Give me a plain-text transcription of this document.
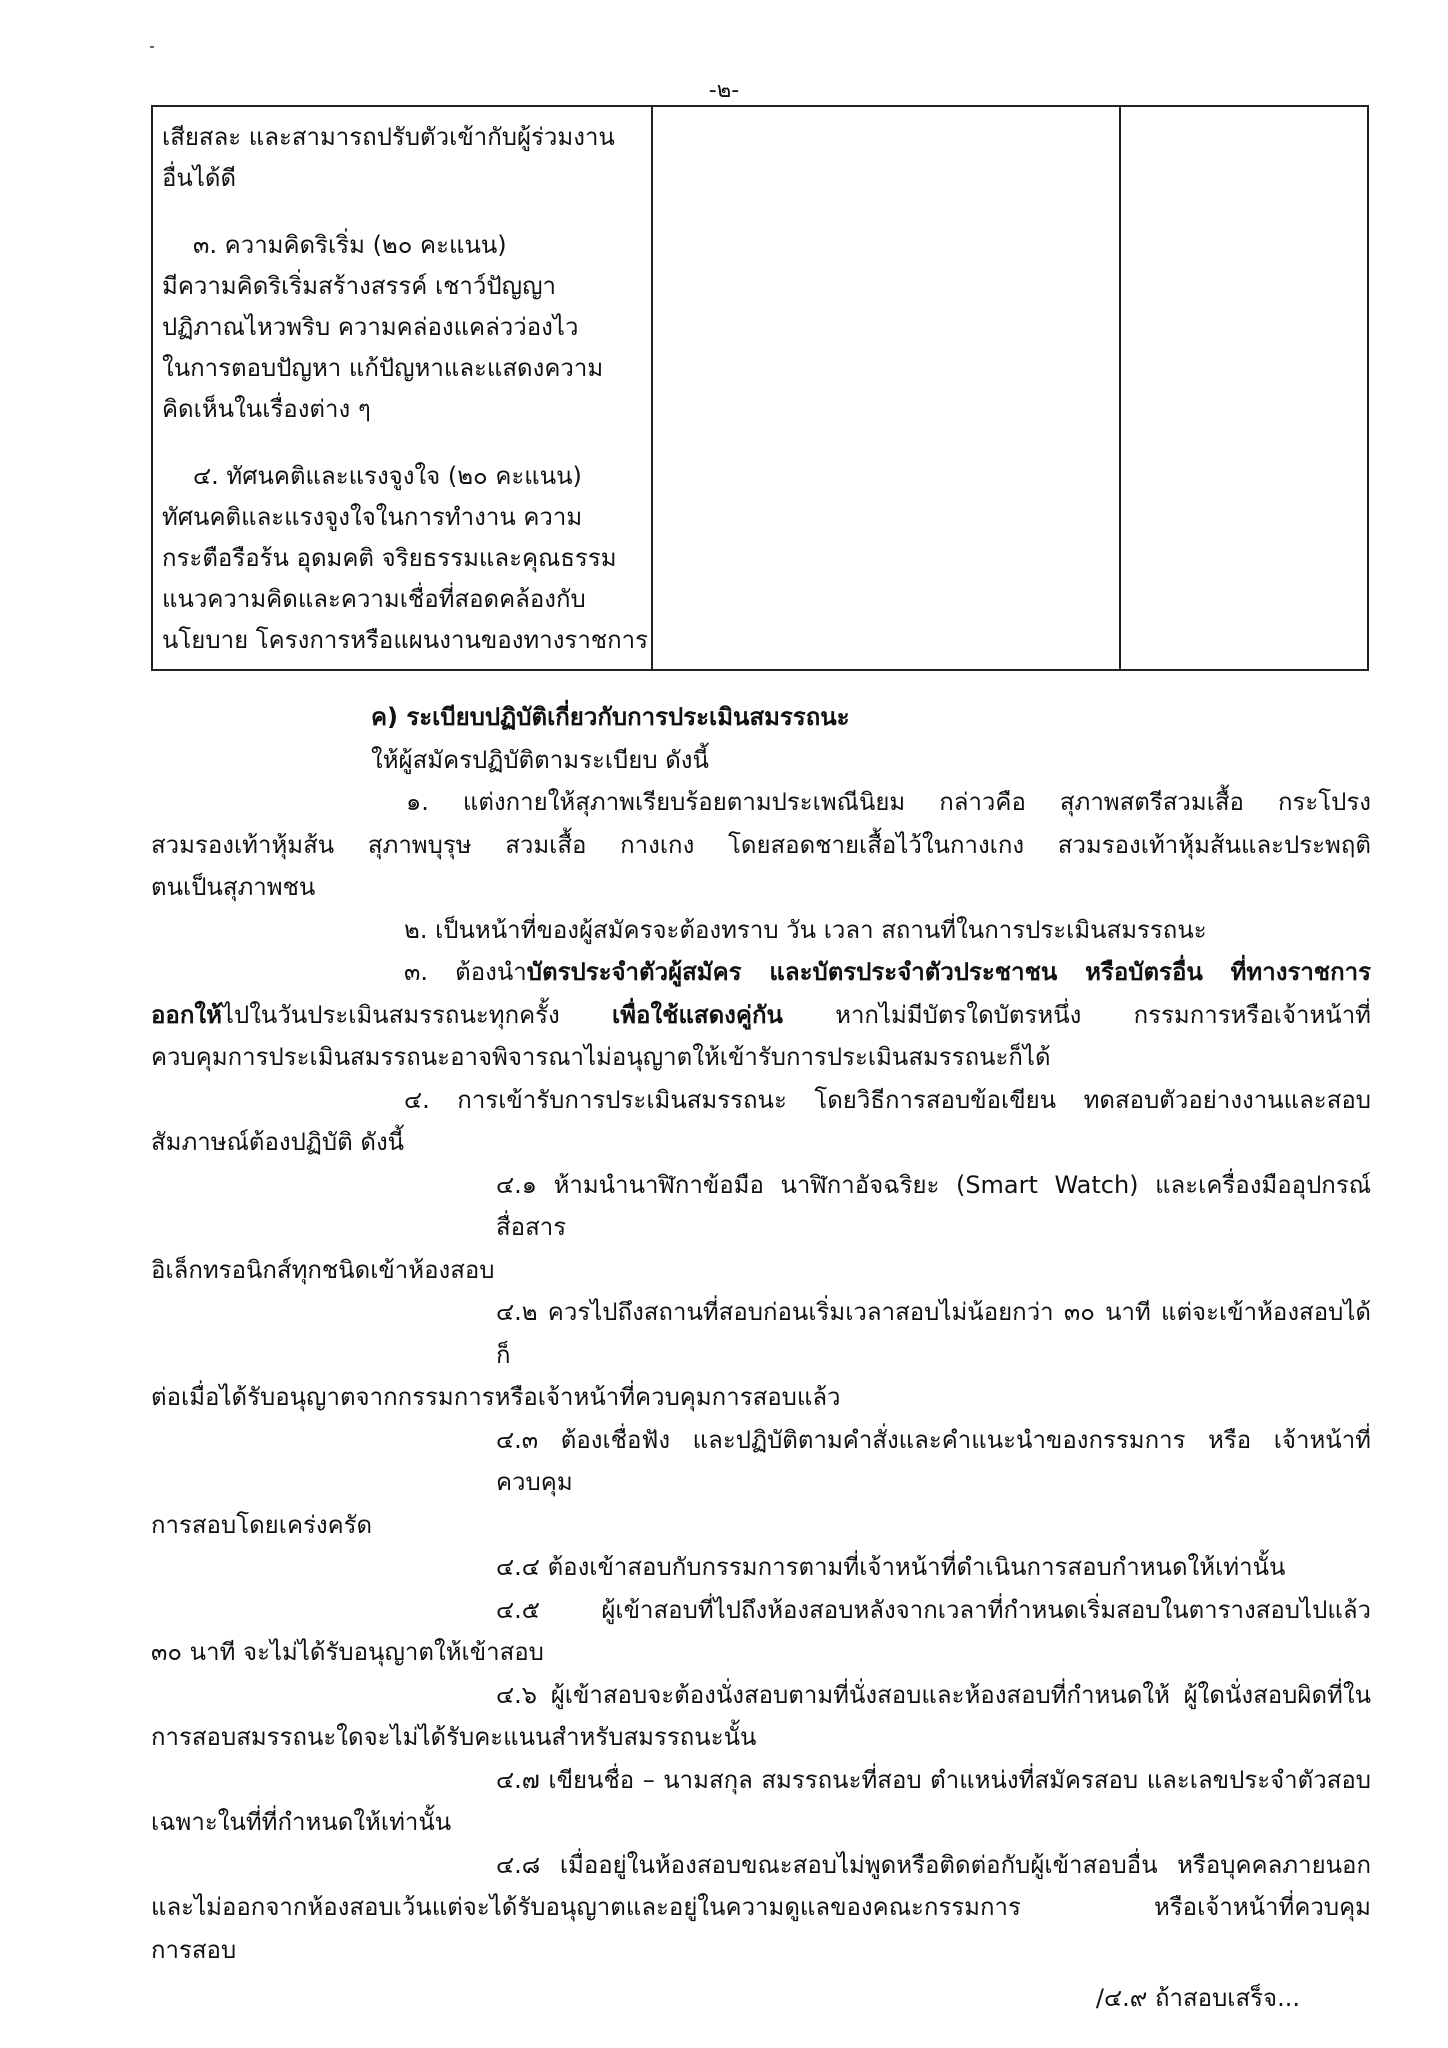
-๒-
เสียสละ และสามารถปรับตัวเข้ากับผู้ร่วมงาน
อื่นได้ดี
๓. ความคิดริเริ่ม (๒๐ คะแนน)
มีความคิดริเริ่มสร้างสรรค์ เชาว์ปัญญา
ปฏิภาณไหวพริบ ความคล่องแคล่วว่องไว
ในการตอบปัญหา แก้ปัญหาและแสดงความ
คิดเห็นในเรื่องต่าง ๆ
๔. ทัศนคติและแรงจูงใจ (๒๐ คะแนน)
ทัศนคติและแรงจูงใจในการทำงาน ความ
กระตือรือร้น อุดมคติ จริยธรรมและคุณธรรม
แนวความคิดและความเชื่อที่สอดคล้องกับ
นโยบาย โครงการหรือแผนงานของทางราชการ
ค) ระเบียบปฏิบัติเกี่ยวกับการประเมินสมรรถนะ
ให้ผู้สมัครปฏิบัติตามระเบียบ ดังนี้
๑. แต่งกายให้สุภาพเรียบร้อยตามประเพณีนิยม กล่าวคือ สุภาพสตรีสวมเสื้อ กระโปรง
สวมรองเท้าหุ้มส้น สุภาพบุรุษ สวมเสื้อ กางเกง โดยสอดชายเสื้อไว้ในกางเกง สวมรองเท้าหุ้มส้นและประพฤติ
ตนเป็นสุภาพชน
๒. เป็นหน้าที่ของผู้สมัครจะต้องทราบ วัน เวลา สถานที่ในการประเมินสมรรถนะ
๓. ต้องนำบัตรประจำตัวผู้สมัคร และบัตรประจำตัวประชาชน หรือบัตรอื่น ที่ทางราชการ
ออกให้ไปในวันประเมินสมรรถนะทุกครั้ง เพื่อใช้แสดงคู่กัน หากไม่มีบัตรใดบัตรหนึ่ง กรรมการหรือเจ้าหน้าที่
ควบคุมการประเมินสมรรถนะอาจพิจารณาไม่อนุญาตให้เข้ารับการประเมินสมรรถนะก็ได้
๔. การเข้ารับการประเมินสมรรถนะ โดยวิธีการสอบข้อเขียน ทดสอบตัวอย่างงานและสอบ
สัมภาษณ์ต้องปฏิบัติ ดังนี้
๔.๑ ห้ามนำนาฬิกาข้อมือ นาฬิกาอัจฉริยะ (Smart Watch) และเครื่องมืออุปกรณ์สื่อสาร
อิเล็กทรอนิกส์ทุกชนิดเข้าห้องสอบ
๔.๒ ควรไปถึงสถานที่สอบก่อนเริ่มเวลาสอบไม่น้อยกว่า ๓๐ นาที แต่จะเข้าห้องสอบได้ก็
ต่อเมื่อได้รับอนุญาตจากกรรมการหรือเจ้าหน้าที่ควบคุมการสอบแล้ว
๔.๓ ต้องเชื่อฟัง และปฏิบัติตามคำสั่งและคำแนะนำของกรรมการ หรือ เจ้าหน้าที่ควบคุม
การสอบโดยเคร่งครัด
๔.๔ ต้องเข้าสอบกับกรรมการตามที่เจ้าหน้าที่ดำเนินการสอบกำหนดให้เท่านั้น
๔.๕ ผู้เข้าสอบที่ไปถึงห้องสอบหลังจากเวลาที่กำหนดเริ่มสอบในตารางสอบไปแล้ว
๓๐ นาที จะไม่ได้รับอนุญาตให้เข้าสอบ
๔.๖ ผู้เข้าสอบจะต้องนั่งสอบตามที่นั่งสอบและห้องสอบที่กำหนดให้ ผู้ใดนั่งสอบผิดที่ใน
การสอบสมรรถนะใดจะไม่ได้รับคะแนนสำหรับสมรรถนะนั้น
๔.๗ เขียนชื่อ – นามสกุล สมรรถนะที่สอบ ตำแหน่งที่สมัครสอบ และเลขประจำตัวสอบ
เฉพาะในที่ที่กำหนดให้เท่านั้น
๔.๘ เมื่ออยู่ในห้องสอบขณะสอบไม่พูดหรือติดต่อกับผู้เข้าสอบอื่น หรือบุคคลภายนอก
และไม่ออกจากห้องสอบเว้นแต่จะได้รับอนุญาตและอยู่ในความดูแลของคณะกรรมการ หรือเจ้าหน้าที่ควบคุม
การสอบ
/๔.๙ ถ้าสอบเสร็จ...
